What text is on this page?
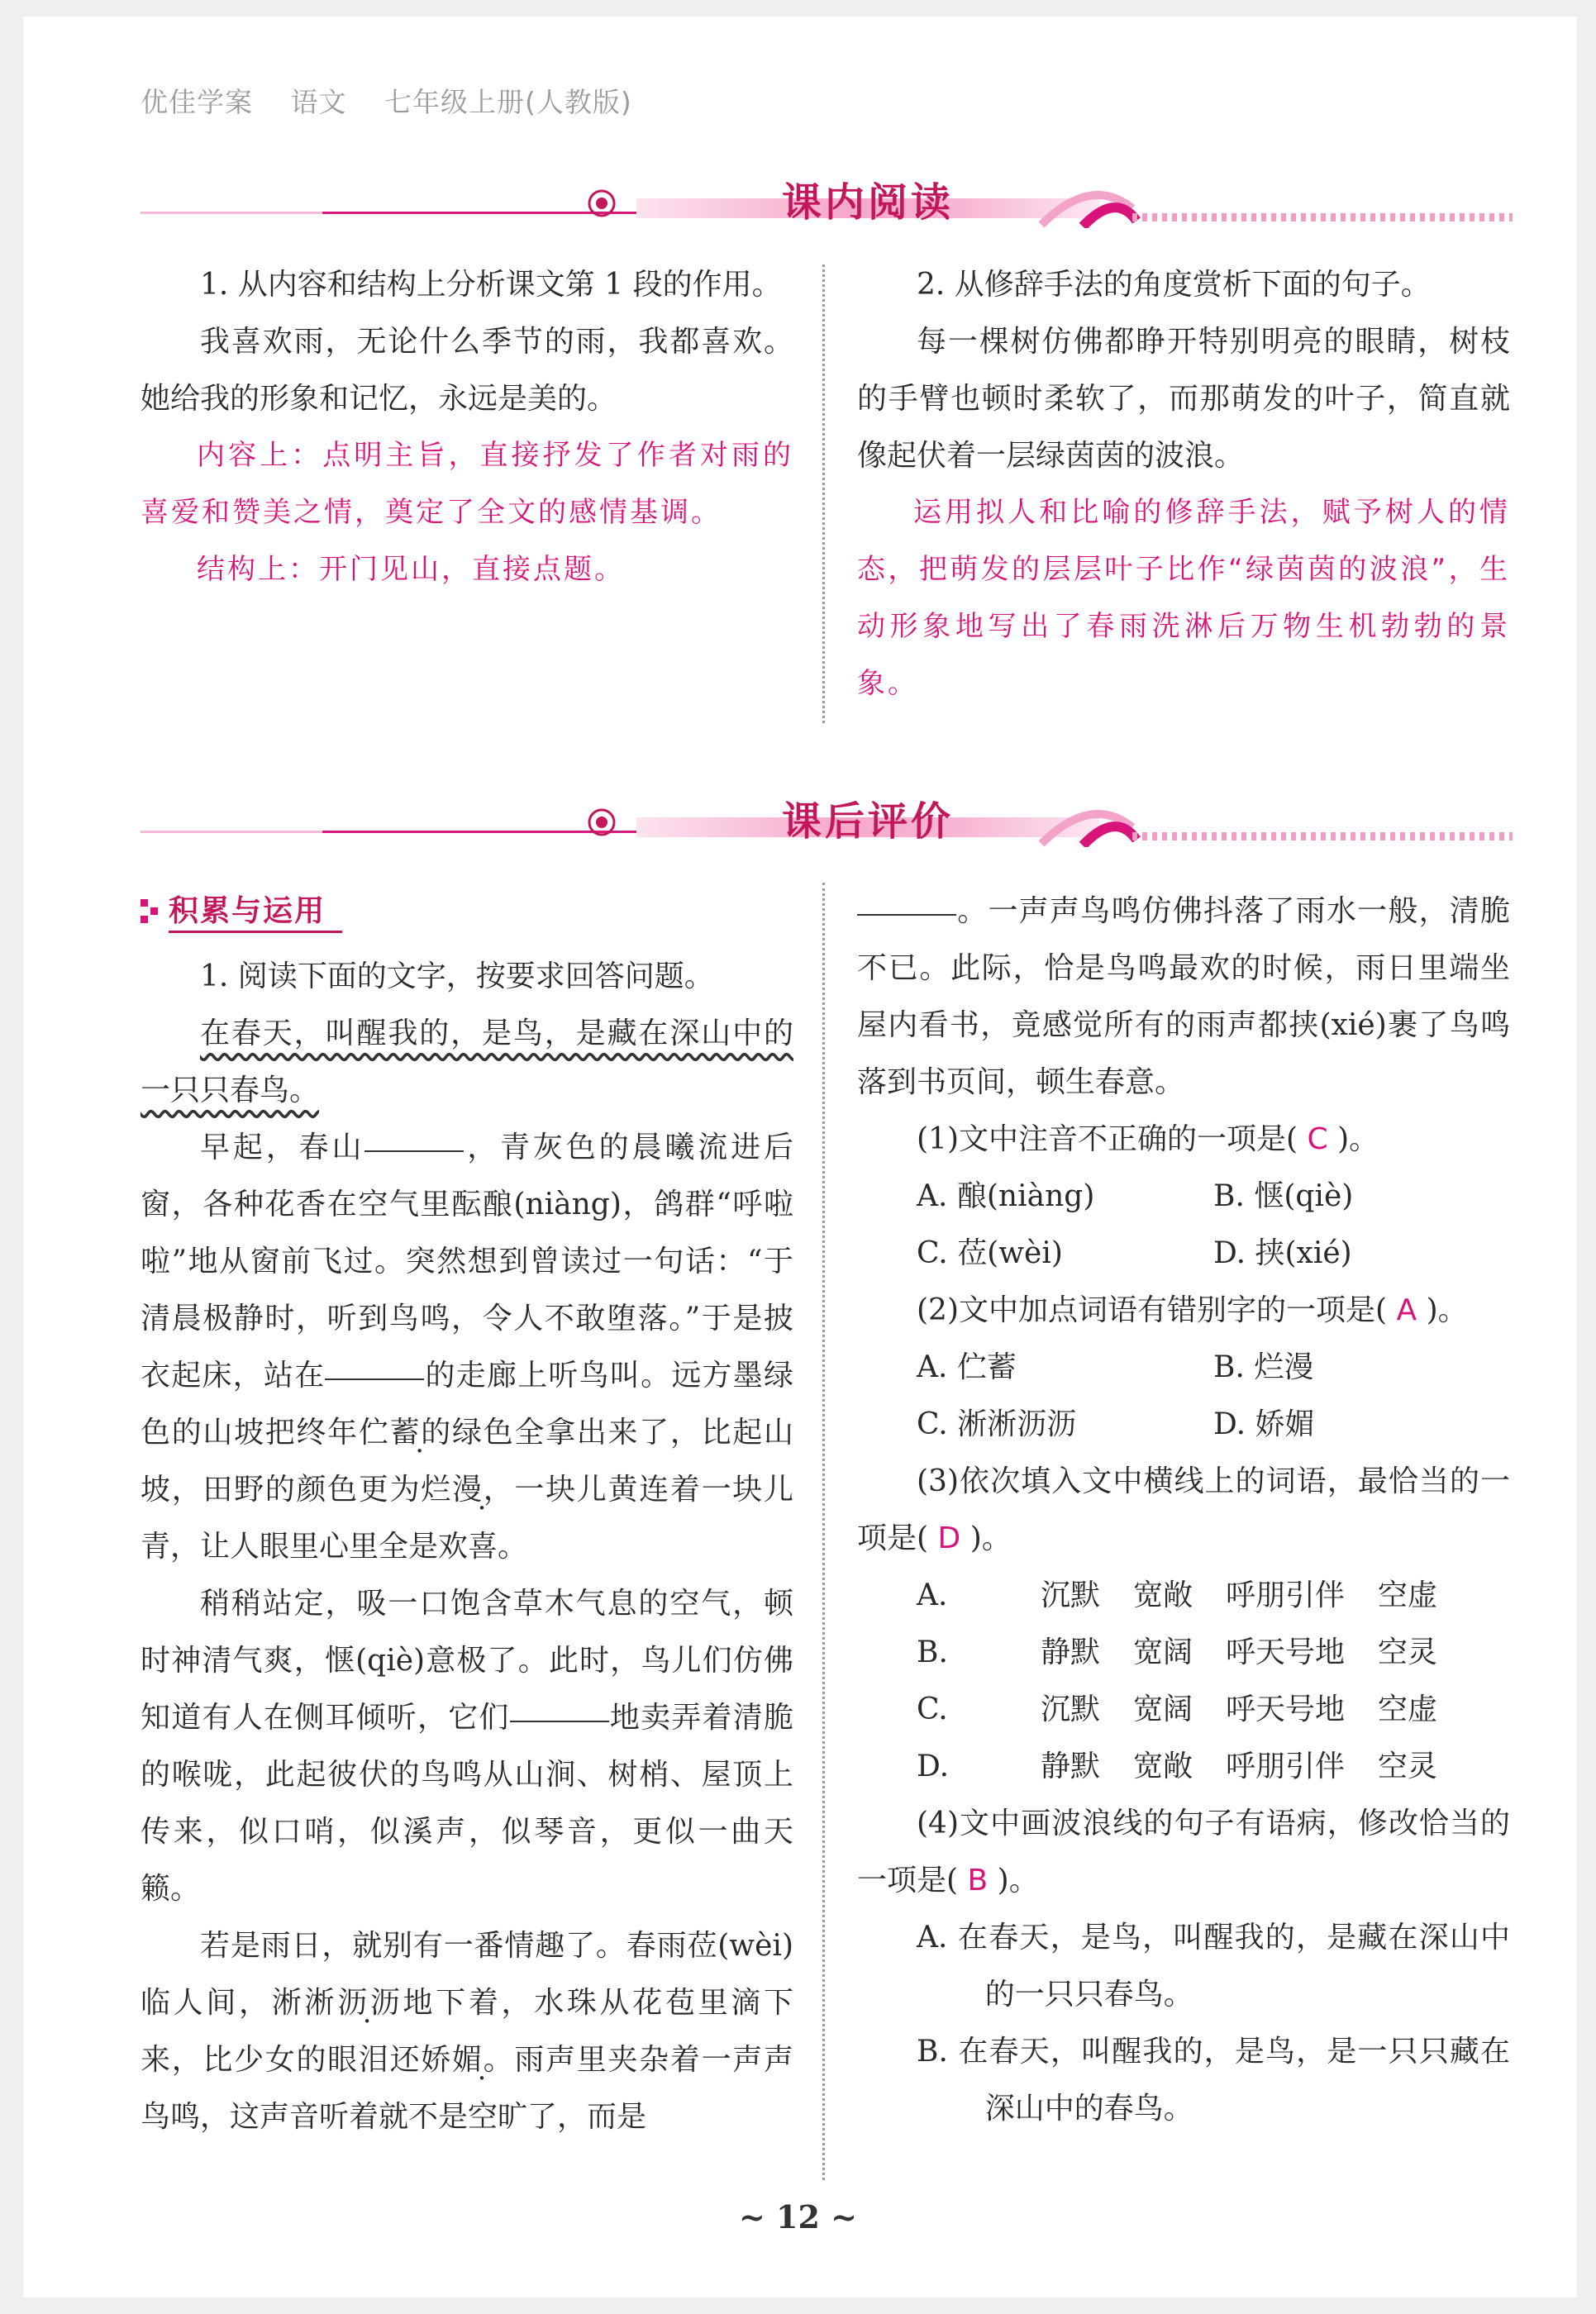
优佳学案 语文 七年级上册(人教版)
课内阅读

1. 从内容和结构上分析课文第 1 段的作用。

我喜欢雨，无论什么季节的雨，我都喜欢。她给我的形象和记忆，永远是美的。

内容上：点明主旨，直接抒发了作者对雨的喜爱和赞美之情，奠定了全文的感情基调。

结构上：开门见山，直接点题。

2. 从修辞手法的角度赏析下面的句子。

每一棵树仿佛都睁开特别明亮的眼睛，树枝的手臂也顿时柔软了，而那萌发的叶子，简直就像起伏着一层绿茵茵的波浪。

运用拟人和比喻的修辞手法，赋予树人的情态，把萌发的层层叶子比作“绿茵茵的波浪”，生动形象地写出了春雨洗淋后万物生机勃勃的景象。

课后评价

积累与运用

1. 阅读下面的文字，按要求回答问题。

在春天，叫醒我的，是鸟，是藏在深山中的一只只春鸟。

早起，春山	，青灰色的晨曦流进后窗，各种花香在空气里酝酿(niàng)，鸽群“呼啦啦”地从窗前飞过。突然想到曾读过一句话：“于清晨极静时，听到鸟鸣，令人不敢堕落。”于是披衣起床，站在	的走廊上听鸟叫。远方墨绿色的山坡把终年伫蓄的绿色全拿出来了，比起山坡，田野的颜色更为烂漫，一块儿黄连着一块儿青，让人眼里心里全是欢喜。

稍稍站定，吸一口饱含草木气息的空气，顿时神清气爽，惬(qiè)意极了。此时，鸟儿们仿佛知道有人在侧耳倾听，它们	地卖弄着清脆的喉咙，此起彼伏的鸟鸣从山涧、树梢、屋顶上传来，似口哨，似溪声，似琴音，更似一曲天籁。

若是雨日，就别有一番情趣了。春雨莅(wèi)临人间，淅淅沥沥地下着，水珠从花苞里滴下来，比少女的眼泪还娇媚。雨声里夹杂着一声声鸟鸣，这声音听着就不是空旷了，而是

。一声声鸟鸣仿佛抖落了雨水一般，清脆不已。此际，恰是鸟鸣最欢的时候，雨日里端坐屋内看书，竟感觉所有的雨声都挟(xié)裹了鸟鸣落到书页间，顿生春意。

(1)文中注音不正确的一项是( C )。

A. 酿(niàng)	B. 惬(qiè)
C. 莅(wèi)	D. 挟(xié)

(2)文中加点词语有错别字的一项是( A )。

A. 伫蓄	B. 烂漫
C. 淅淅沥沥	D. 娇媚

(3)依次填入文中横线上的词语，最恰当的一项是( D )。

A.	沉默 宽敞 呼朋引伴 空虚
B.	静默 宽阔 呼天号地 空灵
C.	沉默 宽阔 呼天号地 空虚
D.	静默 宽敞 呼朋引伴 空灵

(4)文中画波浪线的句子有语病，修改恰当的一项是( B )。

A. 在春天，是鸟，叫醒我的，是藏在深山中的一只只春鸟。

B. 在春天，叫醒我的，是鸟，是一只只藏在深山中的春鸟。

~ 12 ~
